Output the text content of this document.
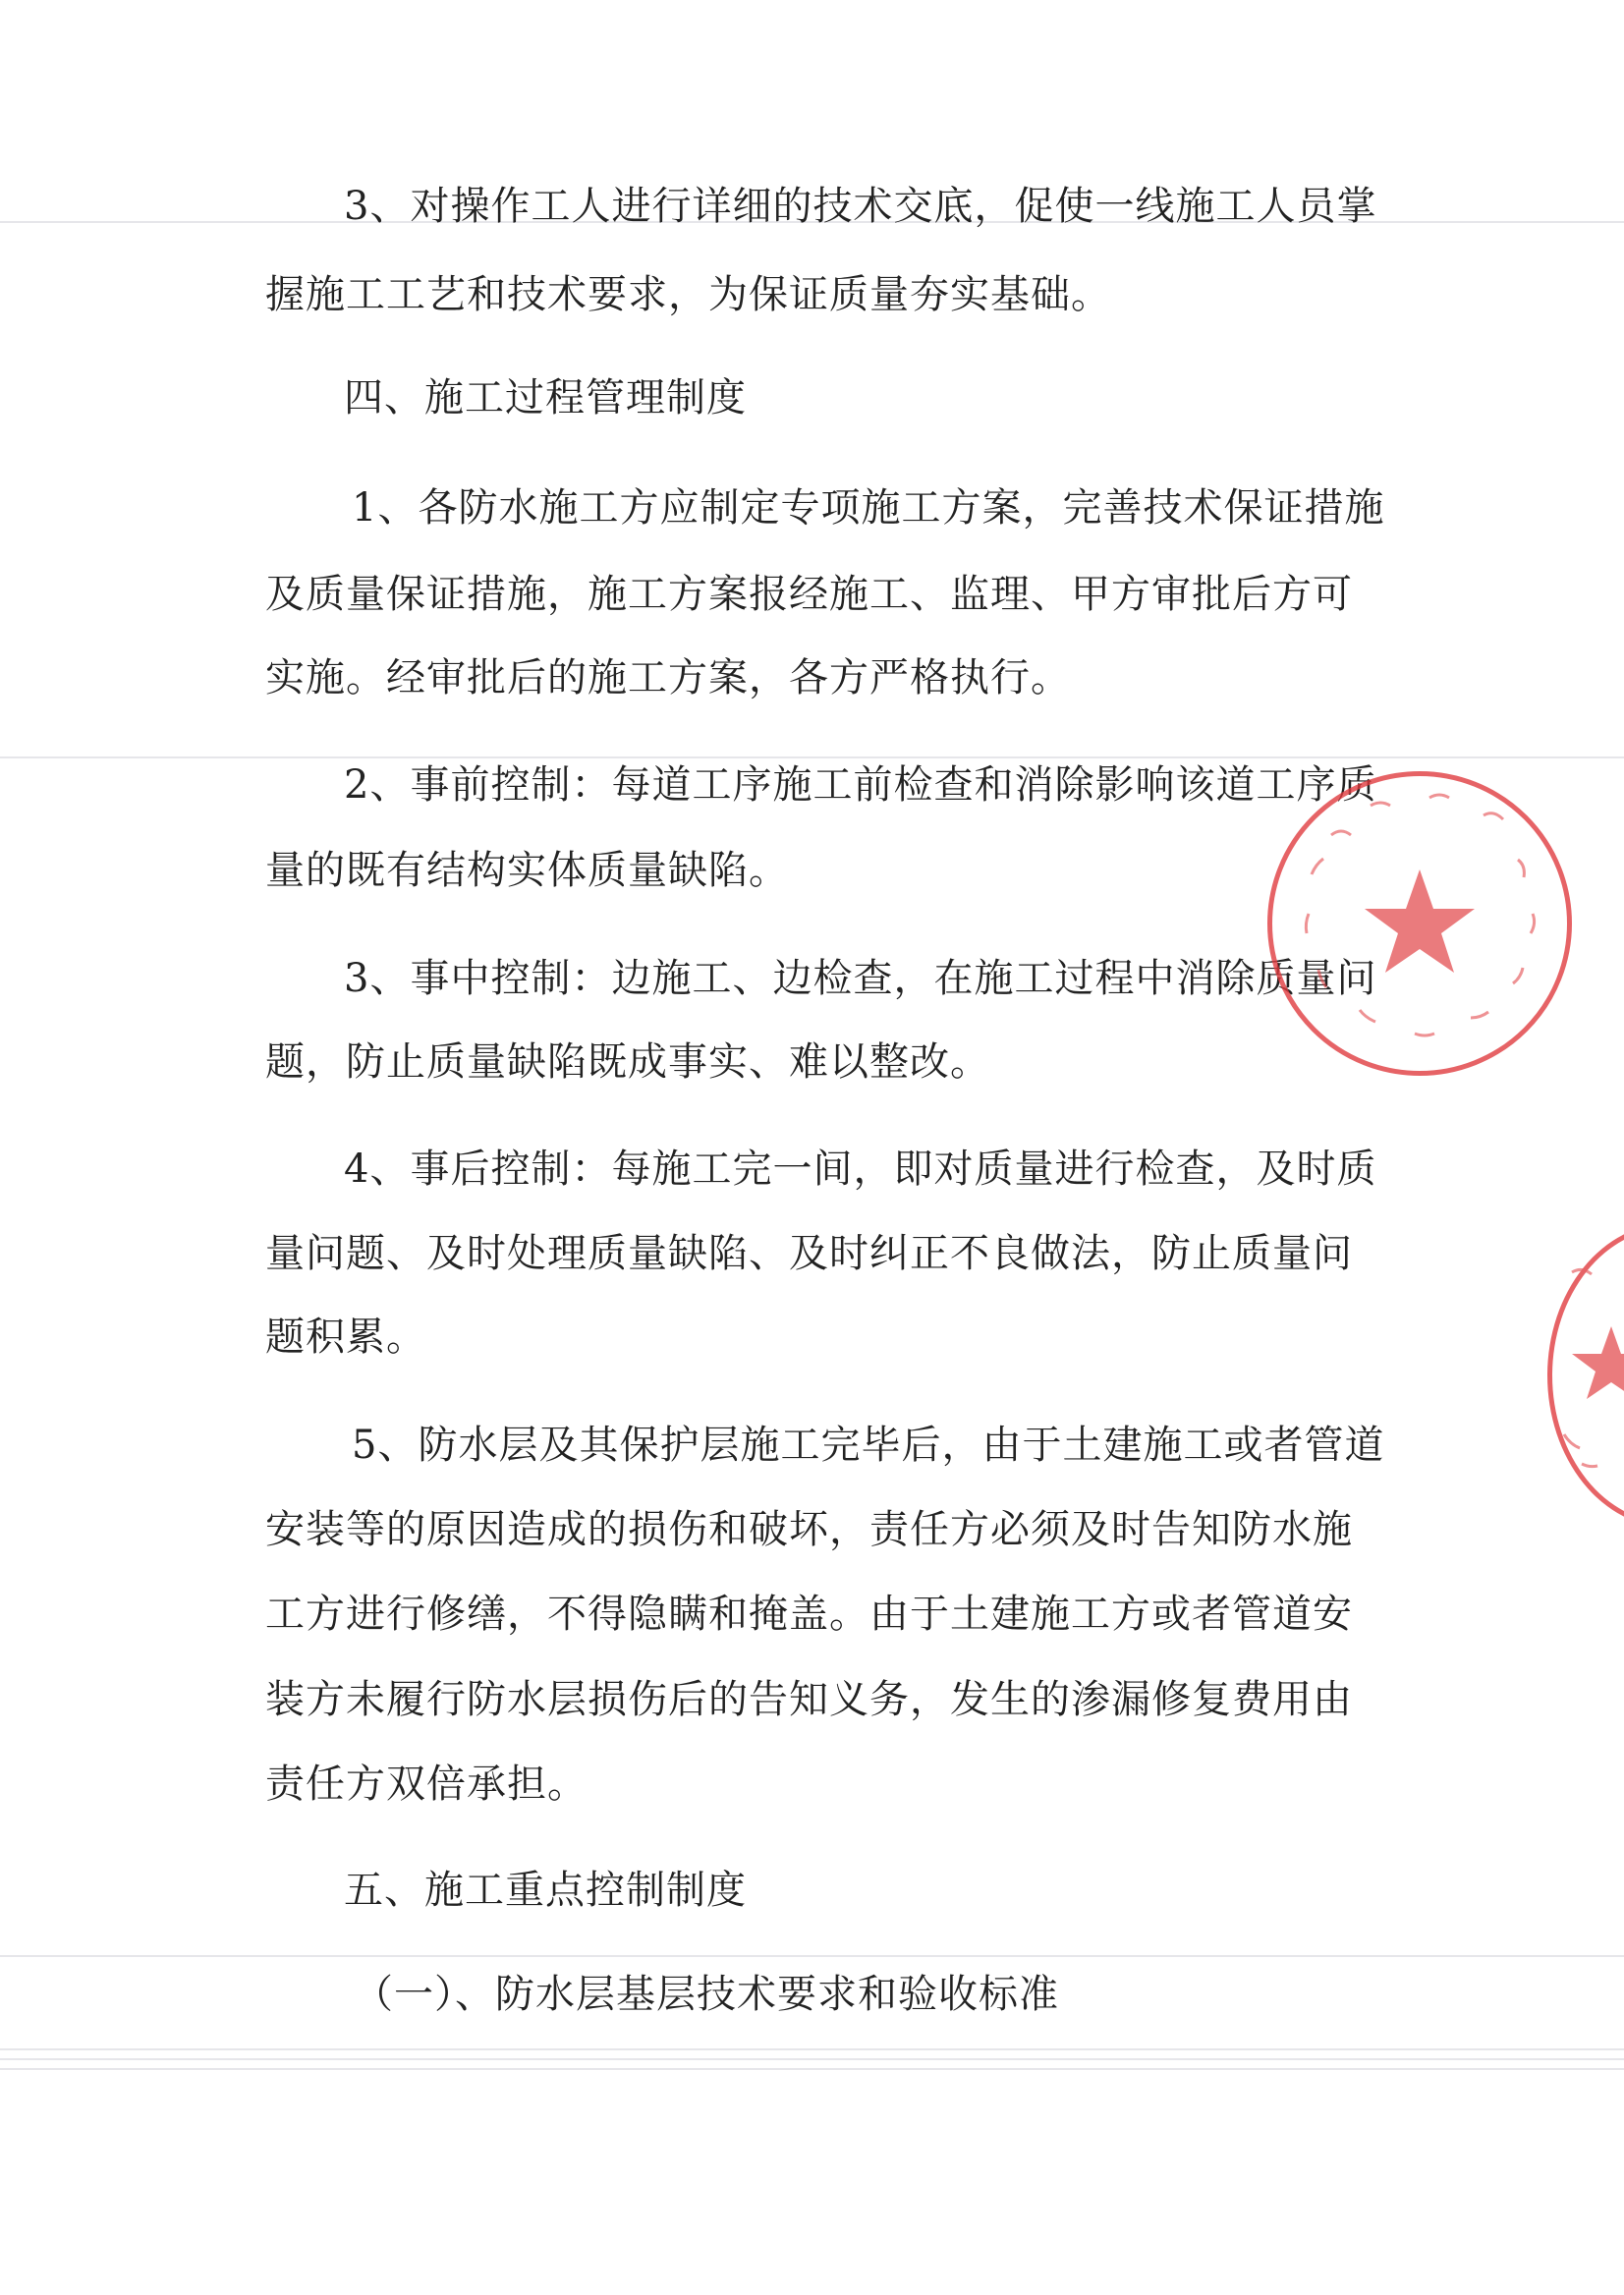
3、对操作工人进行详细的技术交底，促使一线施工人员掌
握施工工艺和技术要求，为保证质量夯实基础。
四、施工过程管理制度
1、各防水施工方应制定专项施工方案，完善技术保证措施
及质量保证措施，施工方案报经施工、监理、甲方审批后方可
实施。经审批后的施工方案，各方严格执行。
2、事前控制：每道工序施工前检查和消除影响该道工序质
量的既有结构实体质量缺陷。
3、事中控制：边施工、边检查，在施工过程中消除质量问
题，防止质量缺陷既成事实、难以整改。
4、事后控制：每施工完一间，即对质量进行检查，及时质
量问题、及时处理质量缺陷、及时纠正不良做法，防止质量问
题积累。
5、防水层及其保护层施工完毕后，由于土建施工或者管道
安装等的原因造成的损伤和破坏，责任方必须及时告知防水施
工方进行修缮，不得隐瞒和掩盖。由于土建施工方或者管道安
装方未履行防水层损伤后的告知义务，发生的渗漏修复费用由
责任方双倍承担。
五、施工重点控制制度
（一）、防水层基层技术要求和验收标准
